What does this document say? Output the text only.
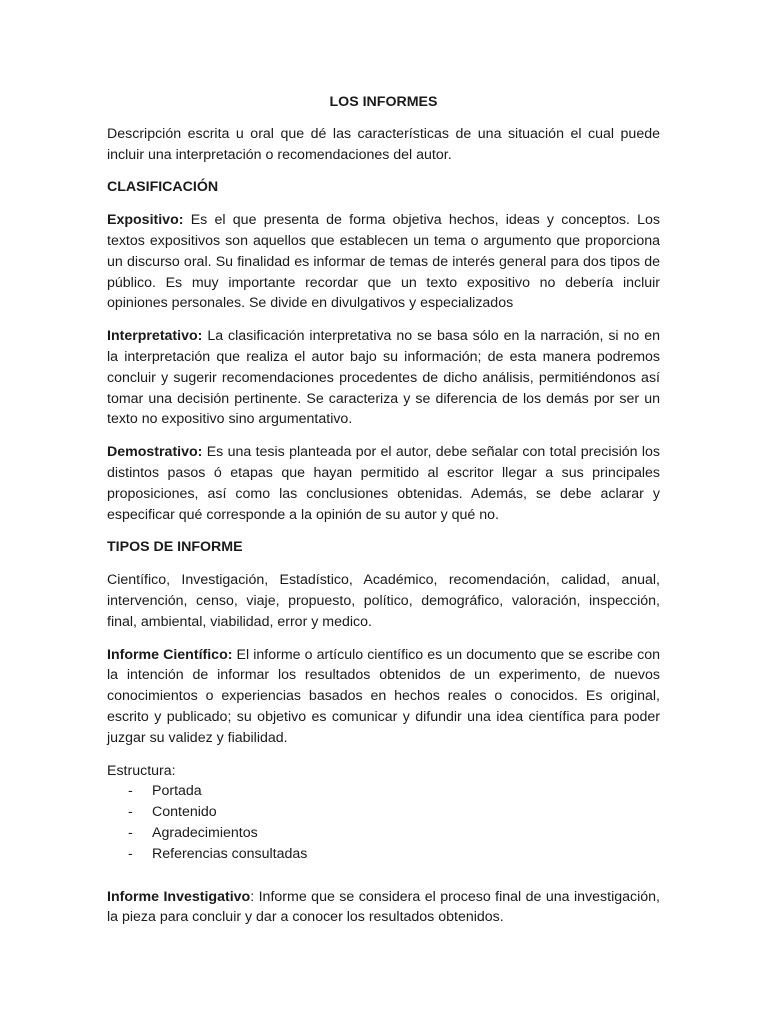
LOS INFORMES

Descripción escrita u oral que dé las características de una situación el cual puede incluir una interpretación o recomendaciones del autor.

CLASIFICACIÓN

Expositivo: Es el que presenta de forma objetiva hechos, ideas y conceptos. Los textos expositivos son aquellos que establecen un tema o argumento que proporciona un discurso oral. Su finalidad es informar de temas de interés general para dos tipos de público. Es muy importante recordar que un texto expositivo no debería incluir opiniones personales. Se divide en divulgativos y especializados

Interpretativo: La clasificación interpretativa no se basa sólo en la narración, si no en la interpretación que realiza el autor bajo su información; de esta manera podremos concluir y sugerir recomendaciones procedentes de dicho análisis, permitiéndonos así tomar una decisión pertinente. Se caracteriza y se diferencia de los demás por ser un texto no expositivo sino argumentativo.

Demostrativo: Es una tesis planteada por el autor, debe señalar con total precisión los distintos pasos ó etapas que hayan permitido al escritor llegar a sus principales proposiciones, así como las conclusiones obtenidas. Además, se debe aclarar y especificar qué corresponde a la opinión de su autor y qué no.

TIPOS DE INFORME

Científico, Investigación, Estadístico, Académico, recomendación, calidad, anual, intervención, censo, viaje, propuesto, político, demográfico, valoración, inspección, final, ambiental, viabilidad, error y medico.

Informe Científico: El informe o artículo científico es un documento que se escribe con la intención de informar los resultados obtenidos de un experimento, de nuevos conocimientos o experiencias basados en hechos reales o conocidos. Es original, escrito y publicado; su objetivo es comunicar y difundir una idea científica para poder juzgar su validez y fiabilidad.

Estructura:
- Portada
- Contenido
- Agradecimientos
- Referencias consultadas

Informe Investigativo: Informe que se considera el proceso final de una investigación, la pieza para concluir y dar a conocer los resultados obtenidos.
